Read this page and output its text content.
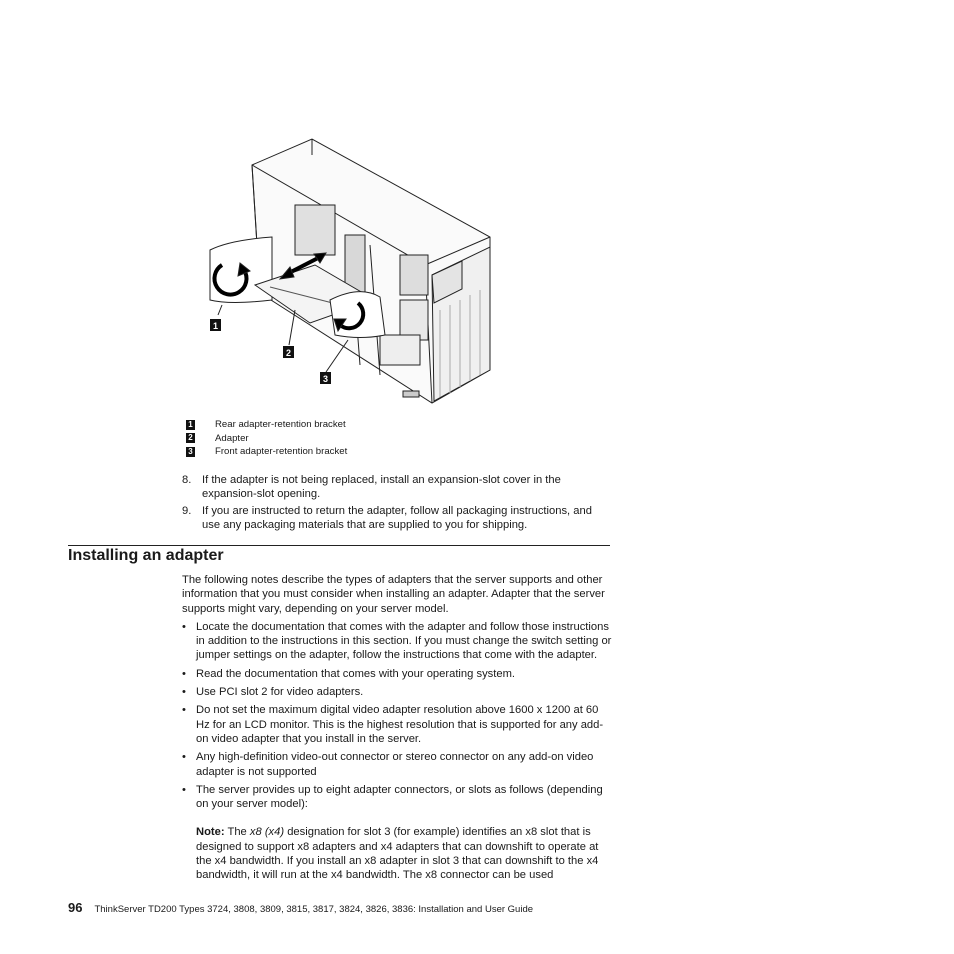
1
2
3
1 Rear adapter-retention bracket
2 Adapter
3 Front adapter-retention bracket
8. If the adapter is not being replaced, install an expansion-slot cover in the expansion-slot opening.
9. If you are instructed to return the adapter, follow all packaging instructions, and use any packaging materials that are supplied to you for shipping.
Installing an adapter

The following notes describe the types of adapters that the server supports and other information that you must consider when installing an adapter. Adapter that the server supports might vary, depending on your server model.

• Locate the documentation that comes with the adapter and follow those instructions in addition to the instructions in this section. If you must change the switch setting or jumper settings on the adapter, follow the instructions that come with the adapter.
• Read the documentation that comes with your operating system.
• Use PCI slot 2 for video adapters.
• Do not set the maximum digital video adapter resolution above 1600 x 1200 at 60 Hz for an LCD monitor. This is the highest resolution that is supported for any add-on video adapter that you install in the server.
• Any high-definition video-out connector or stereo connector on any add-on video adapter is not supported
• The server provides up to eight adapter connectors, or slots as follows (depending on your server model):
Note: The x8 (x4) designation for slot 3 (for example) identifies an x8 slot that is designed to support x8 adapters and x4 adapters that can downshift to operate at the x4 bandwidth. If you install an x8 adapter in slot 3 that can downshift to the x4 bandwidth, it will run at the x4 bandwidth. The x8 connector can be used
96 ThinkServer TD200 Types 3724, 3808, 3809, 3815, 3817, 3824, 3826, 3836: Installation and User Guide
